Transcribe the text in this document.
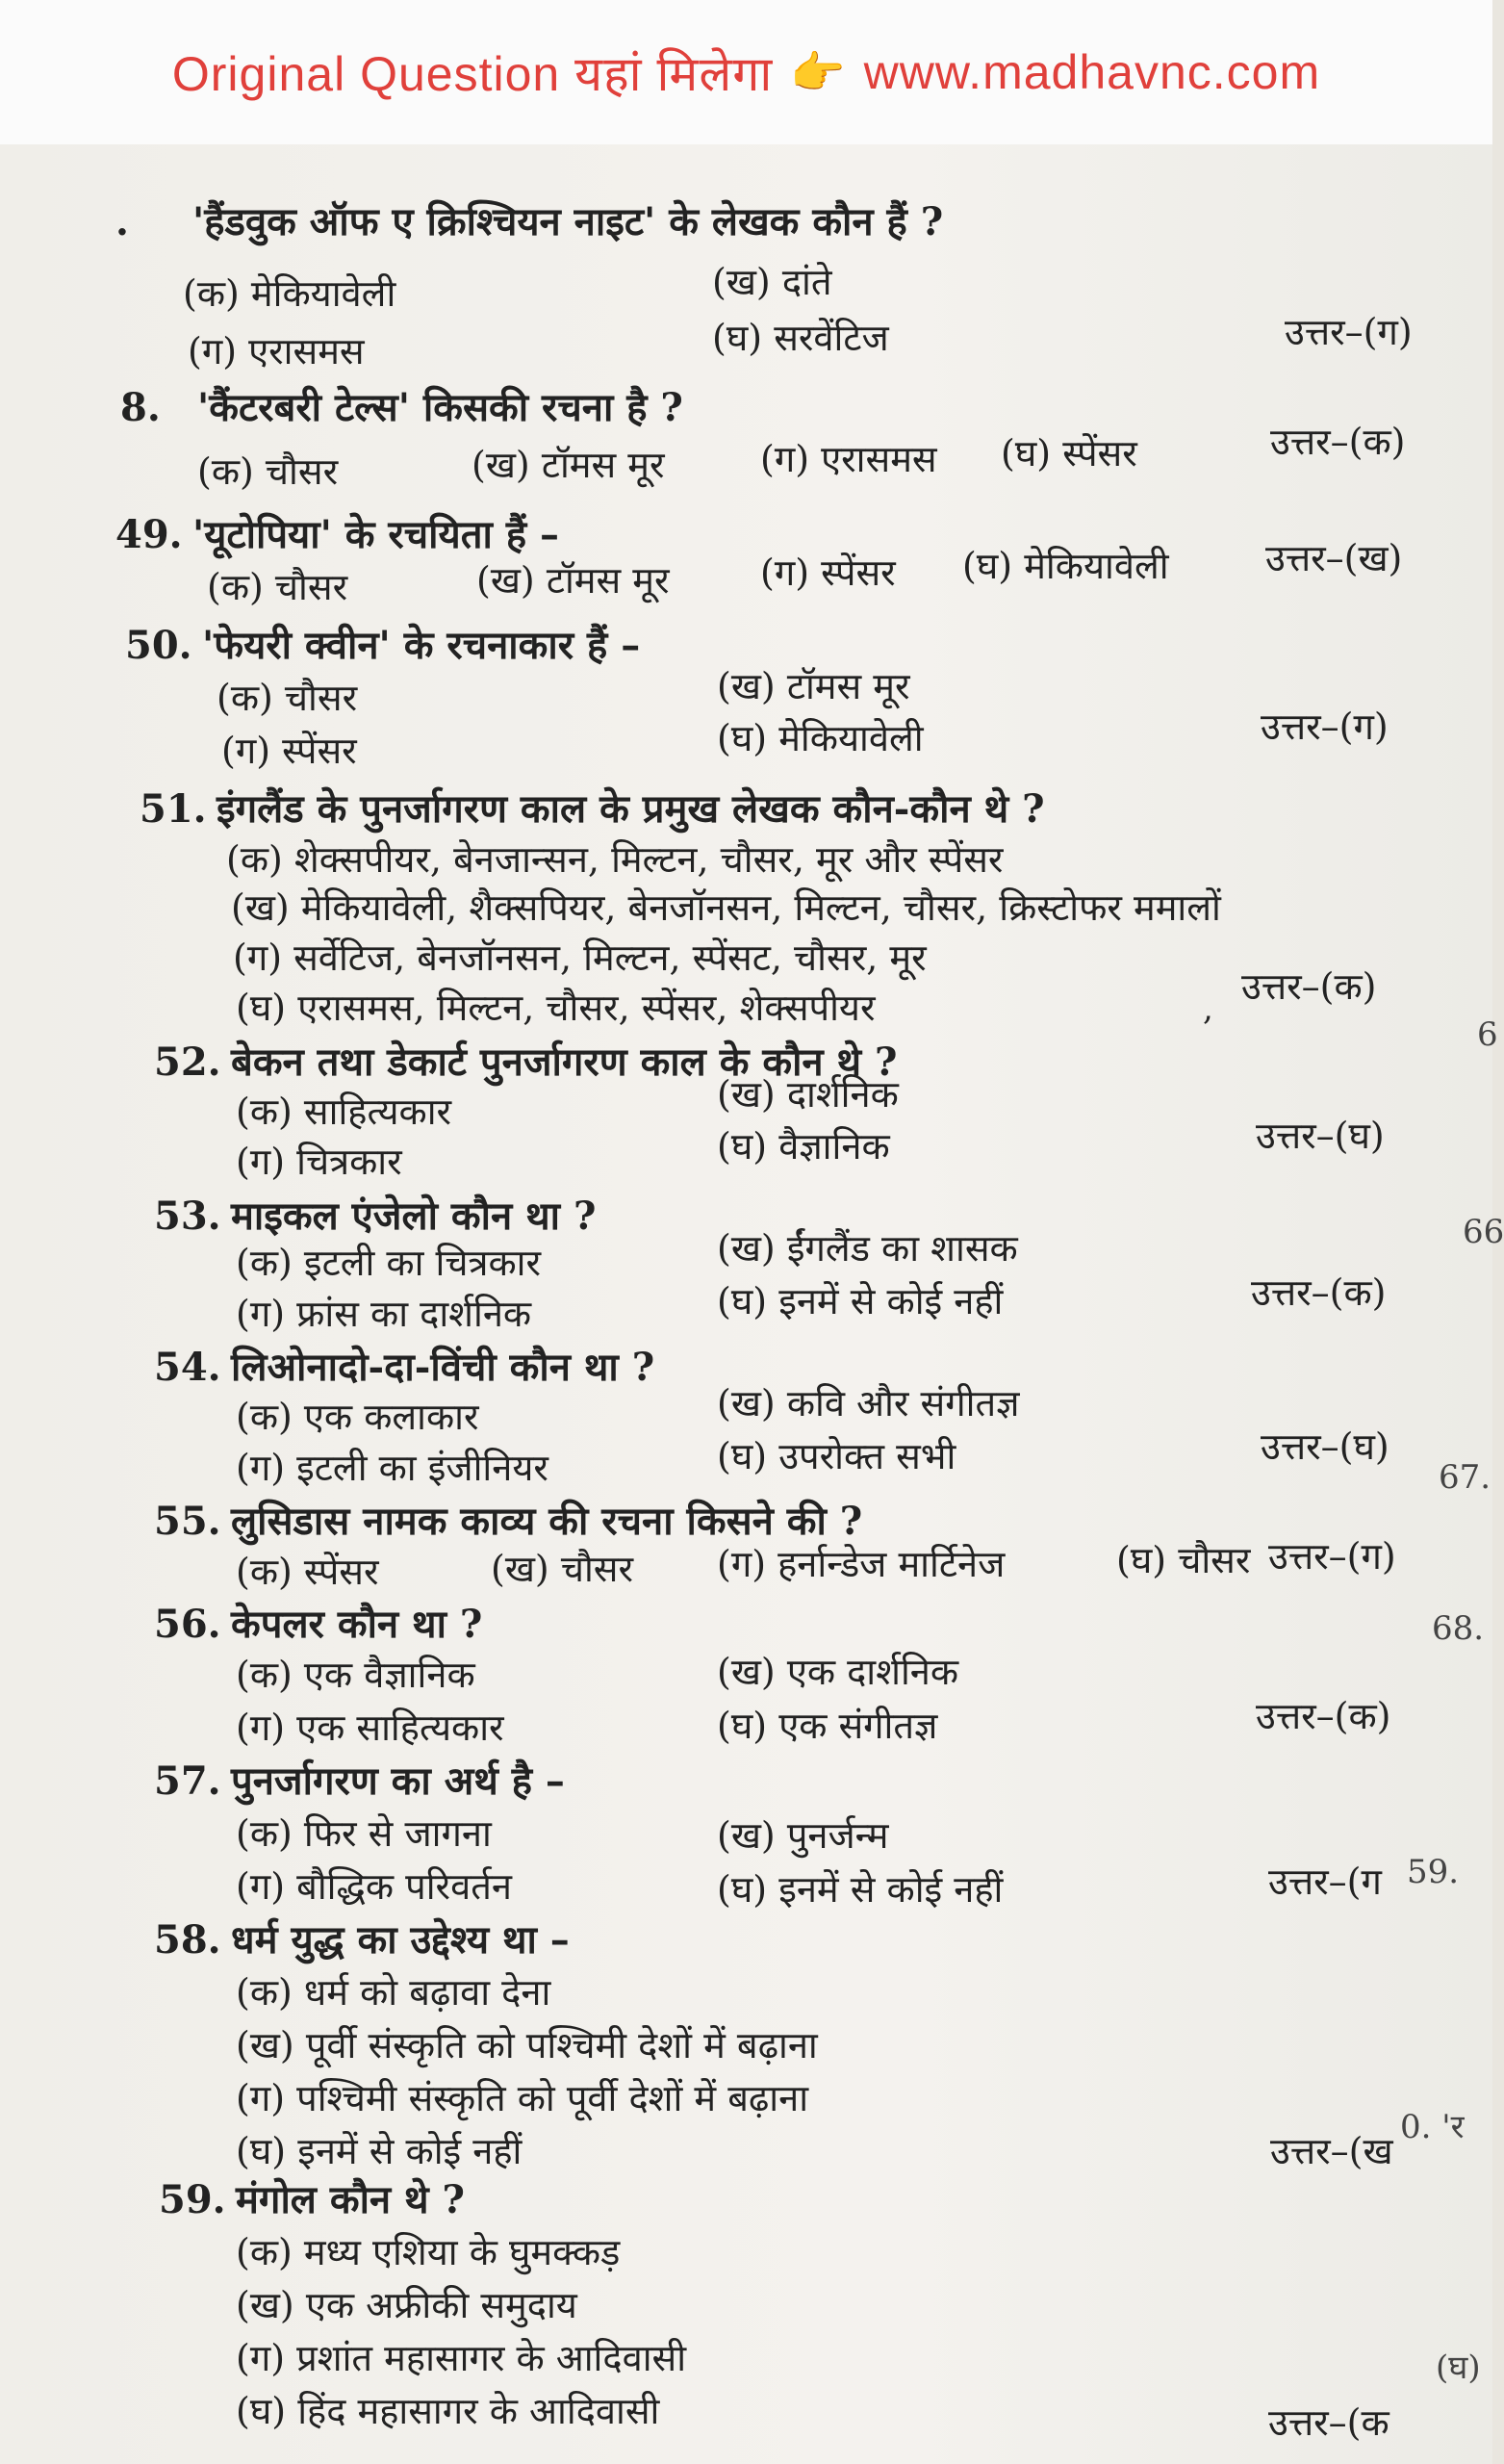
Original Question यहां मिलेगा 👉 www.madhavnc.com
. 'हैंडवुक ऑफ ए क्रिश्चियन नाइट' के लेखक कौन हैं ?
(क) मेकियावेली	(ख) दांते
(ग) एरासमस	(घ) सरवेंटिज	उत्तर–(ग)
8. 'कैंटरबरी टेल्स' किसकी रचना है ?
(क) चौसर	(ख) टॉमस मूर	(ग) एरासमस (घ) स्पेंसर	उत्तर–(क)
49. 'यूटोपिया' के रचयिता हैं –
(क) चौसर	(ख) टॉमस मूर (ग) स्पेंसर (घ) मेकियावेली	उत्तर–(ख)
50. 'फेयरी क्वीन' के रचनाकार हैं –
(क) चौसर	(ख) टॉमस मूर
(ग) स्पेंसर	(घ) मेकियावेली	उत्तर–(ग)
51. इंगलैंड के पुनर्जागरण काल के प्रमुख लेखक कौन-कौन थे ?
(क) शेक्सपीयर, बेनजान्सन, मिल्टन, चौसर, मूर और स्पेंसर
(ख) मेकियावेली, शैक्सपियर, बेनजॉनसन, मिल्टन, चौसर, क्रिस्टोफर ममालों
(ग) सर्वेटिज, बेनजॉनसन, मिल्टन, स्पेंसट, चौसर, मूर
(घ) एरासमस, मिल्टन, चौसर, स्पेंसर, शेक्सपीयर	,
उत्तर–(क)
52. बेकन तथा डेकार्ट पुनर्जागरण काल के कौन थे ?
(क) साहित्यकार	(ख) दार्शनिक
(ग) चित्रकार	(घ) वैज्ञानिक	उत्तर–(घ)
53. माइकल एंजेलो कौन था ?
(क) इटली का चित्रकार	(ख) ईंगलैंड का शासक
(ग) फ्रांस का दार्शनिक	(घ) इनमें से कोई नहीं	उत्तर–(क)
54. लिओनादो-दा-विंची कौन था ?
(क) एक कलाकार	(ख) कवि और संगीतज्ञ
(ग) इटली का इंजीनियर	(घ) उपरोक्त सभी	उत्तर–(घ)
55. लुसिडास नामक काव्य की रचना किसने की ?
(क) स्पेंसर	(ख) चौसर (ग) हर्नान्डेज मार्टिनेज	(घ) चौसर उत्तर–(ग)
56. केपलर कौन था ?
(क) एक वैज्ञानिक	(ख) एक दार्शनिक
(ग) एक साहित्यकार	(घ) एक संगीतज्ञ	उत्तर–(क)
57. पुनर्जागरण का अर्थ है –
(क) फिर से जागना	(ख) पुनर्जन्म
(ग) बौद्धिक परिवर्तन	(घ) इनमें से कोई नहीं	उत्तर–(ग
58. धर्म युद्ध का उद्देश्य था –
(क) धर्म को बढ़ावा देना
(ख) पूर्वी संस्कृति को पश्चिमी देशों में बढ़ाना
(ग) पश्चिमी संस्कृति को पूर्वी देशों में बढ़ाना
(घ) इनमें से कोई नहीं	उत्तर–(ख
59. मंगोल कौन थे ?
(क) मध्य एशिया के घुमक्कड़
(ख) एक अफ्रीकी समुदाय
(ग) प्रशांत महासागर के आदिवासी
(घ) हिंद महासागर के आदिवासी	उत्तर–(क
6
66
67.
68.
59.
0. 'र
(घ)
